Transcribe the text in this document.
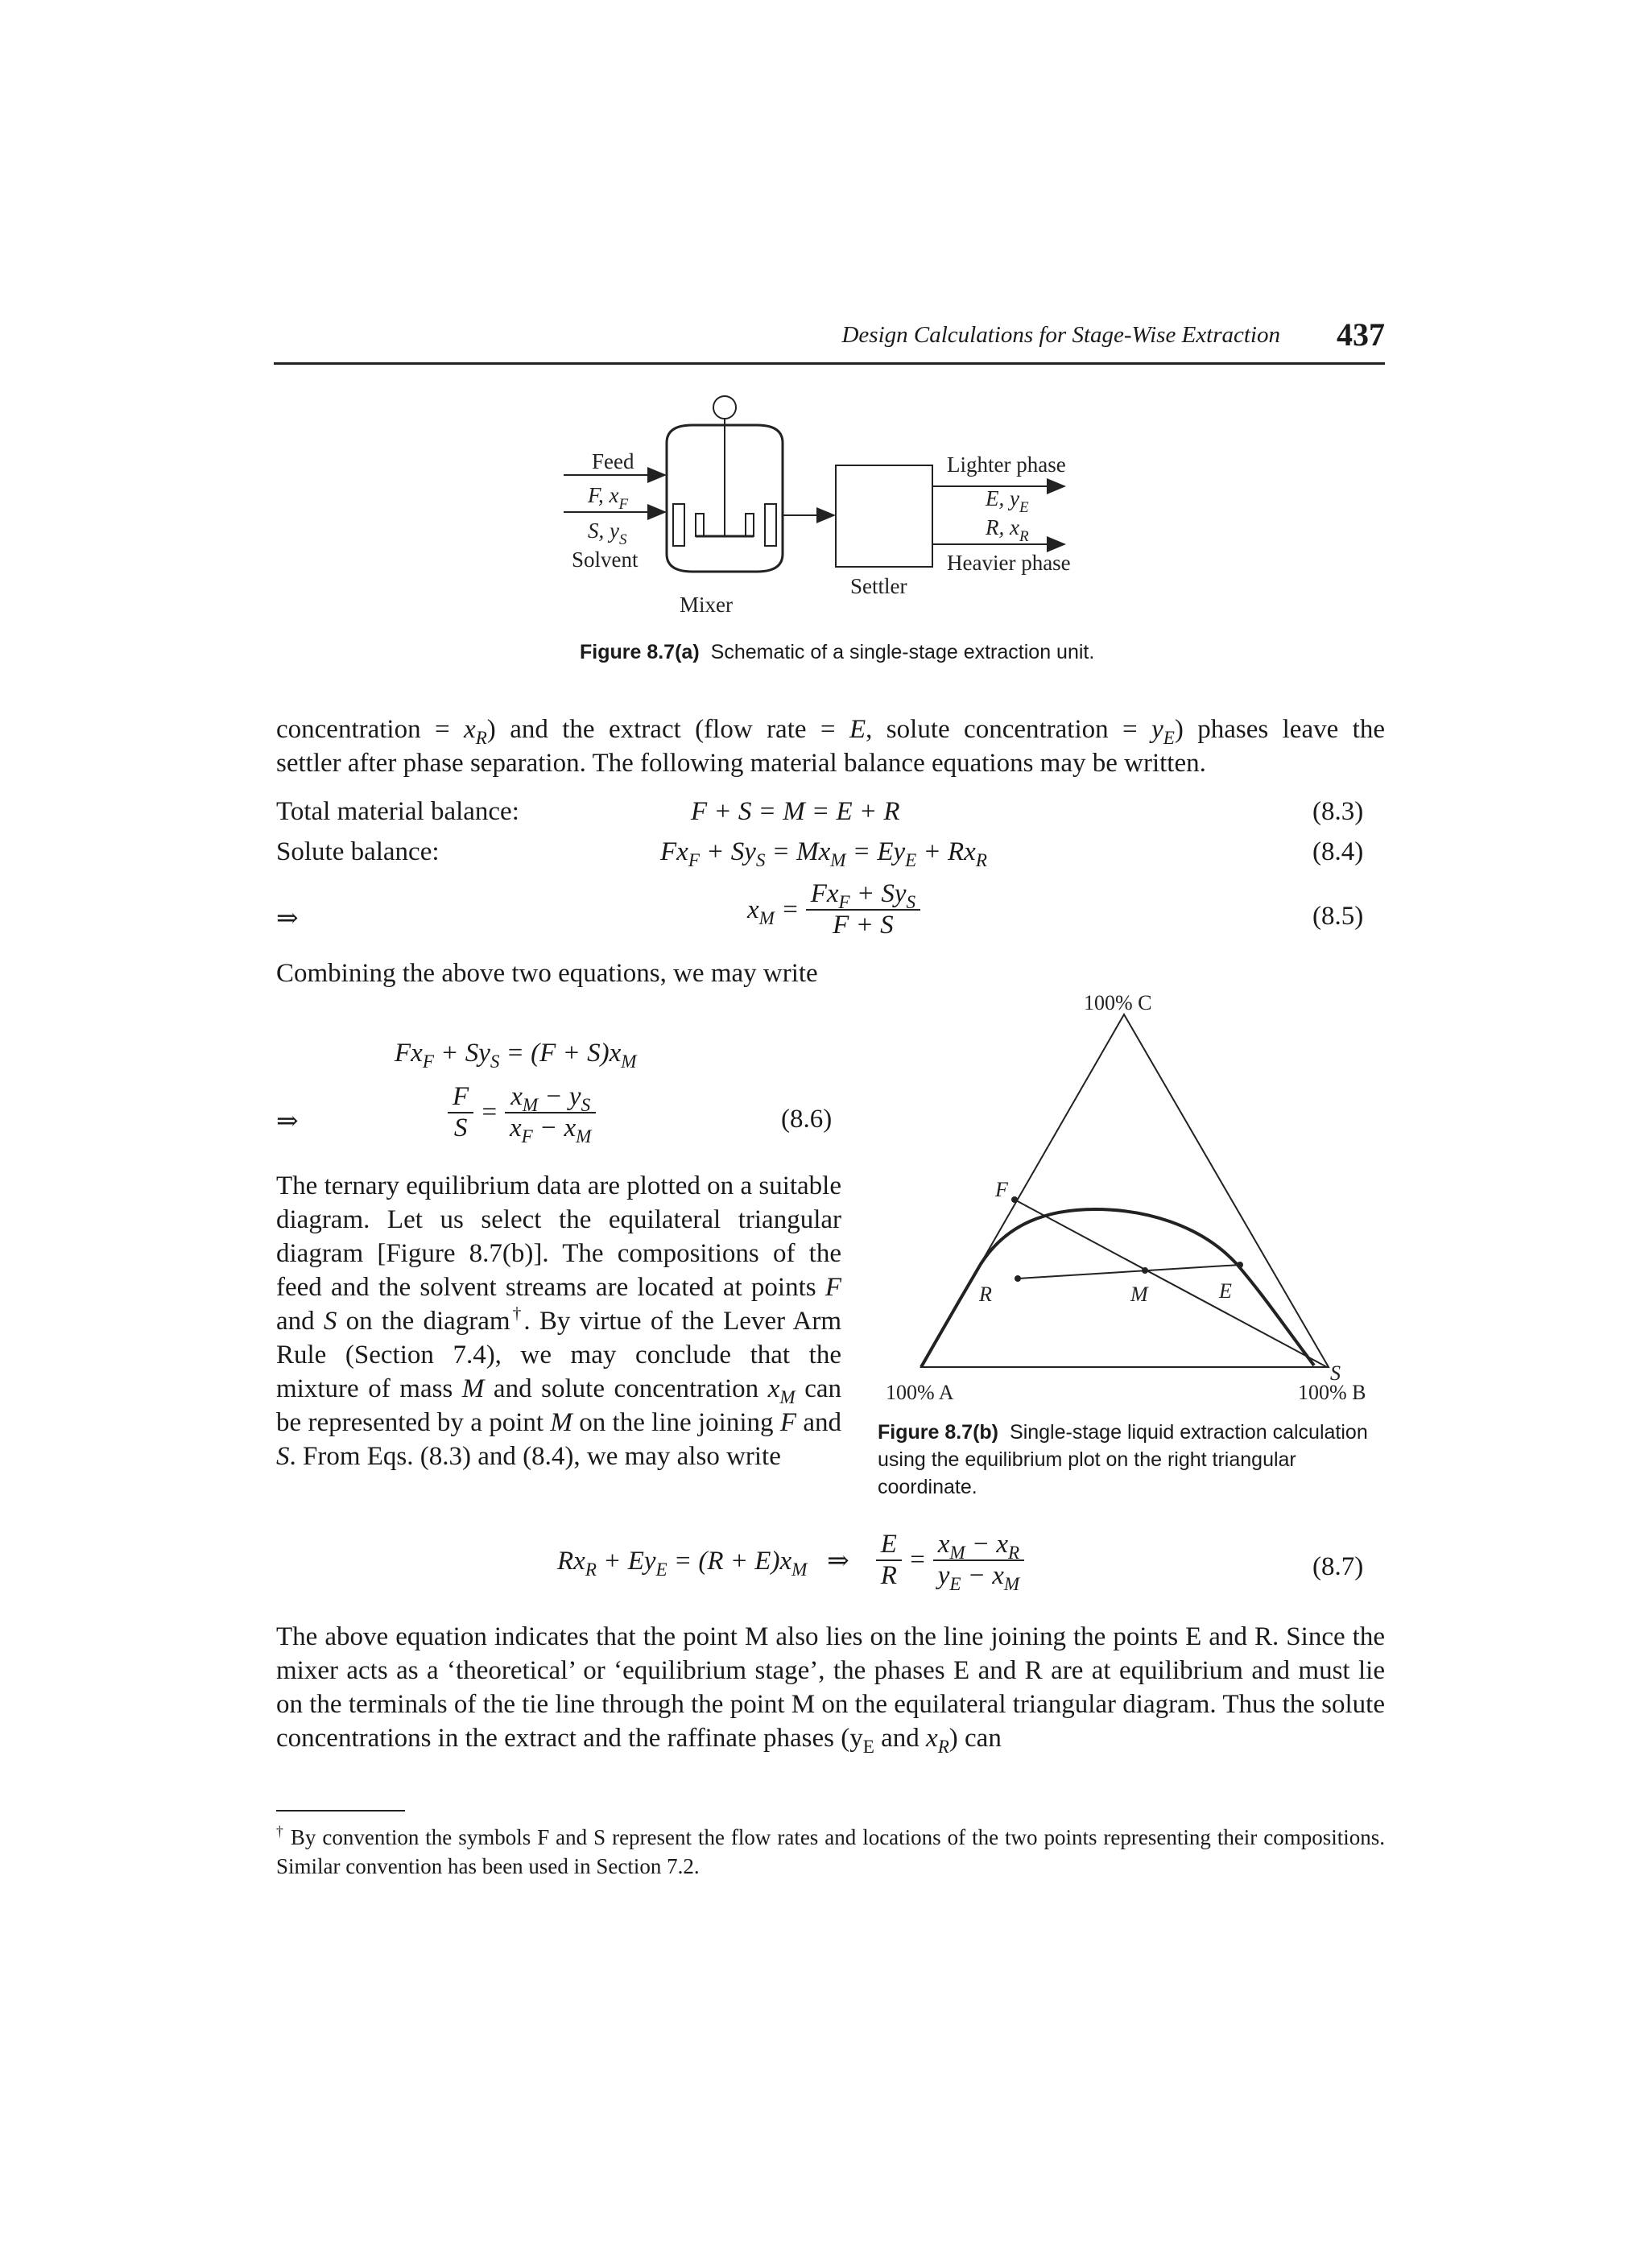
Design Calculations for Stage-Wise Extraction 437
Feed
F, $x_F$
S, $y_S$
Solvent
Mixer
Settler
Lighter phase
E, $y_E$
R, $x_R$
Heavier phase
Figure 8.7(a) Schematic of a single-stage extraction unit.
concentration = $x_R$) and the extract (flow rate = E, solute concentration = $y_E$) phases leave the
settler after phase separation. The following material balance equations may be written.
Total material balance:	F + S = M = E + R	(8.3)
Solute balance:	$Fx_F + Sy_S = Mx_M = Ey_E + Rx_R$	(8.4)
⇒	$x_M = \frac{Fx_F + Sy_S}{F + S}$	(8.5)
Combining the above two equations, we may write
$Fx_F + Sy_S = (F + S)x_M$
⇒	$\frac{F}{S} = \frac{x_M - y_S}{x_F - x_M}$	(8.6)
The ternary equilibrium data are plotted on a suitable diagram. Let us select the equilateral triangular diagram [Figure 8.7(b)]. The compositions of the feed and the solvent streams are located at points F and S on the diagram†. By virtue of the Lever Arm Rule (Section 7.4), we may conclude that the mixture of mass M and solute concentration $x_M$ can be represented by a point M on the line joining F and S. From Eqs. (8.3) and (8.4), we may also write
100% C
100% A	100% B
F
R	M	E
S
Figure 8.7(b) Single-stage liquid extraction calculation
using the equilibrium plot on the right triangular coordinate.
$Rx_R + Ey_E = (R + E)x_M$ ⇒ $\frac{E}{R} = \frac{x_M - x_R}{y_E - x_M}$	(8.7)
The above equation indicates that the point M also lies on the line joining the points E and R. Since the mixer acts as a ‘theoretical’ or ‘equilibrium stage’, the phases E and R are at equilibrium and must lie on the terminals of the tie line through the point M on the equilateral triangular diagram. Thus the solute concentrations in the extract and the raffinate phases ($y_E$ and $x_R$) can
† By convention the symbols F and S represent the flow rates and locations of the two points representing their compositions. Similar convention has been used in Section 7.2.
